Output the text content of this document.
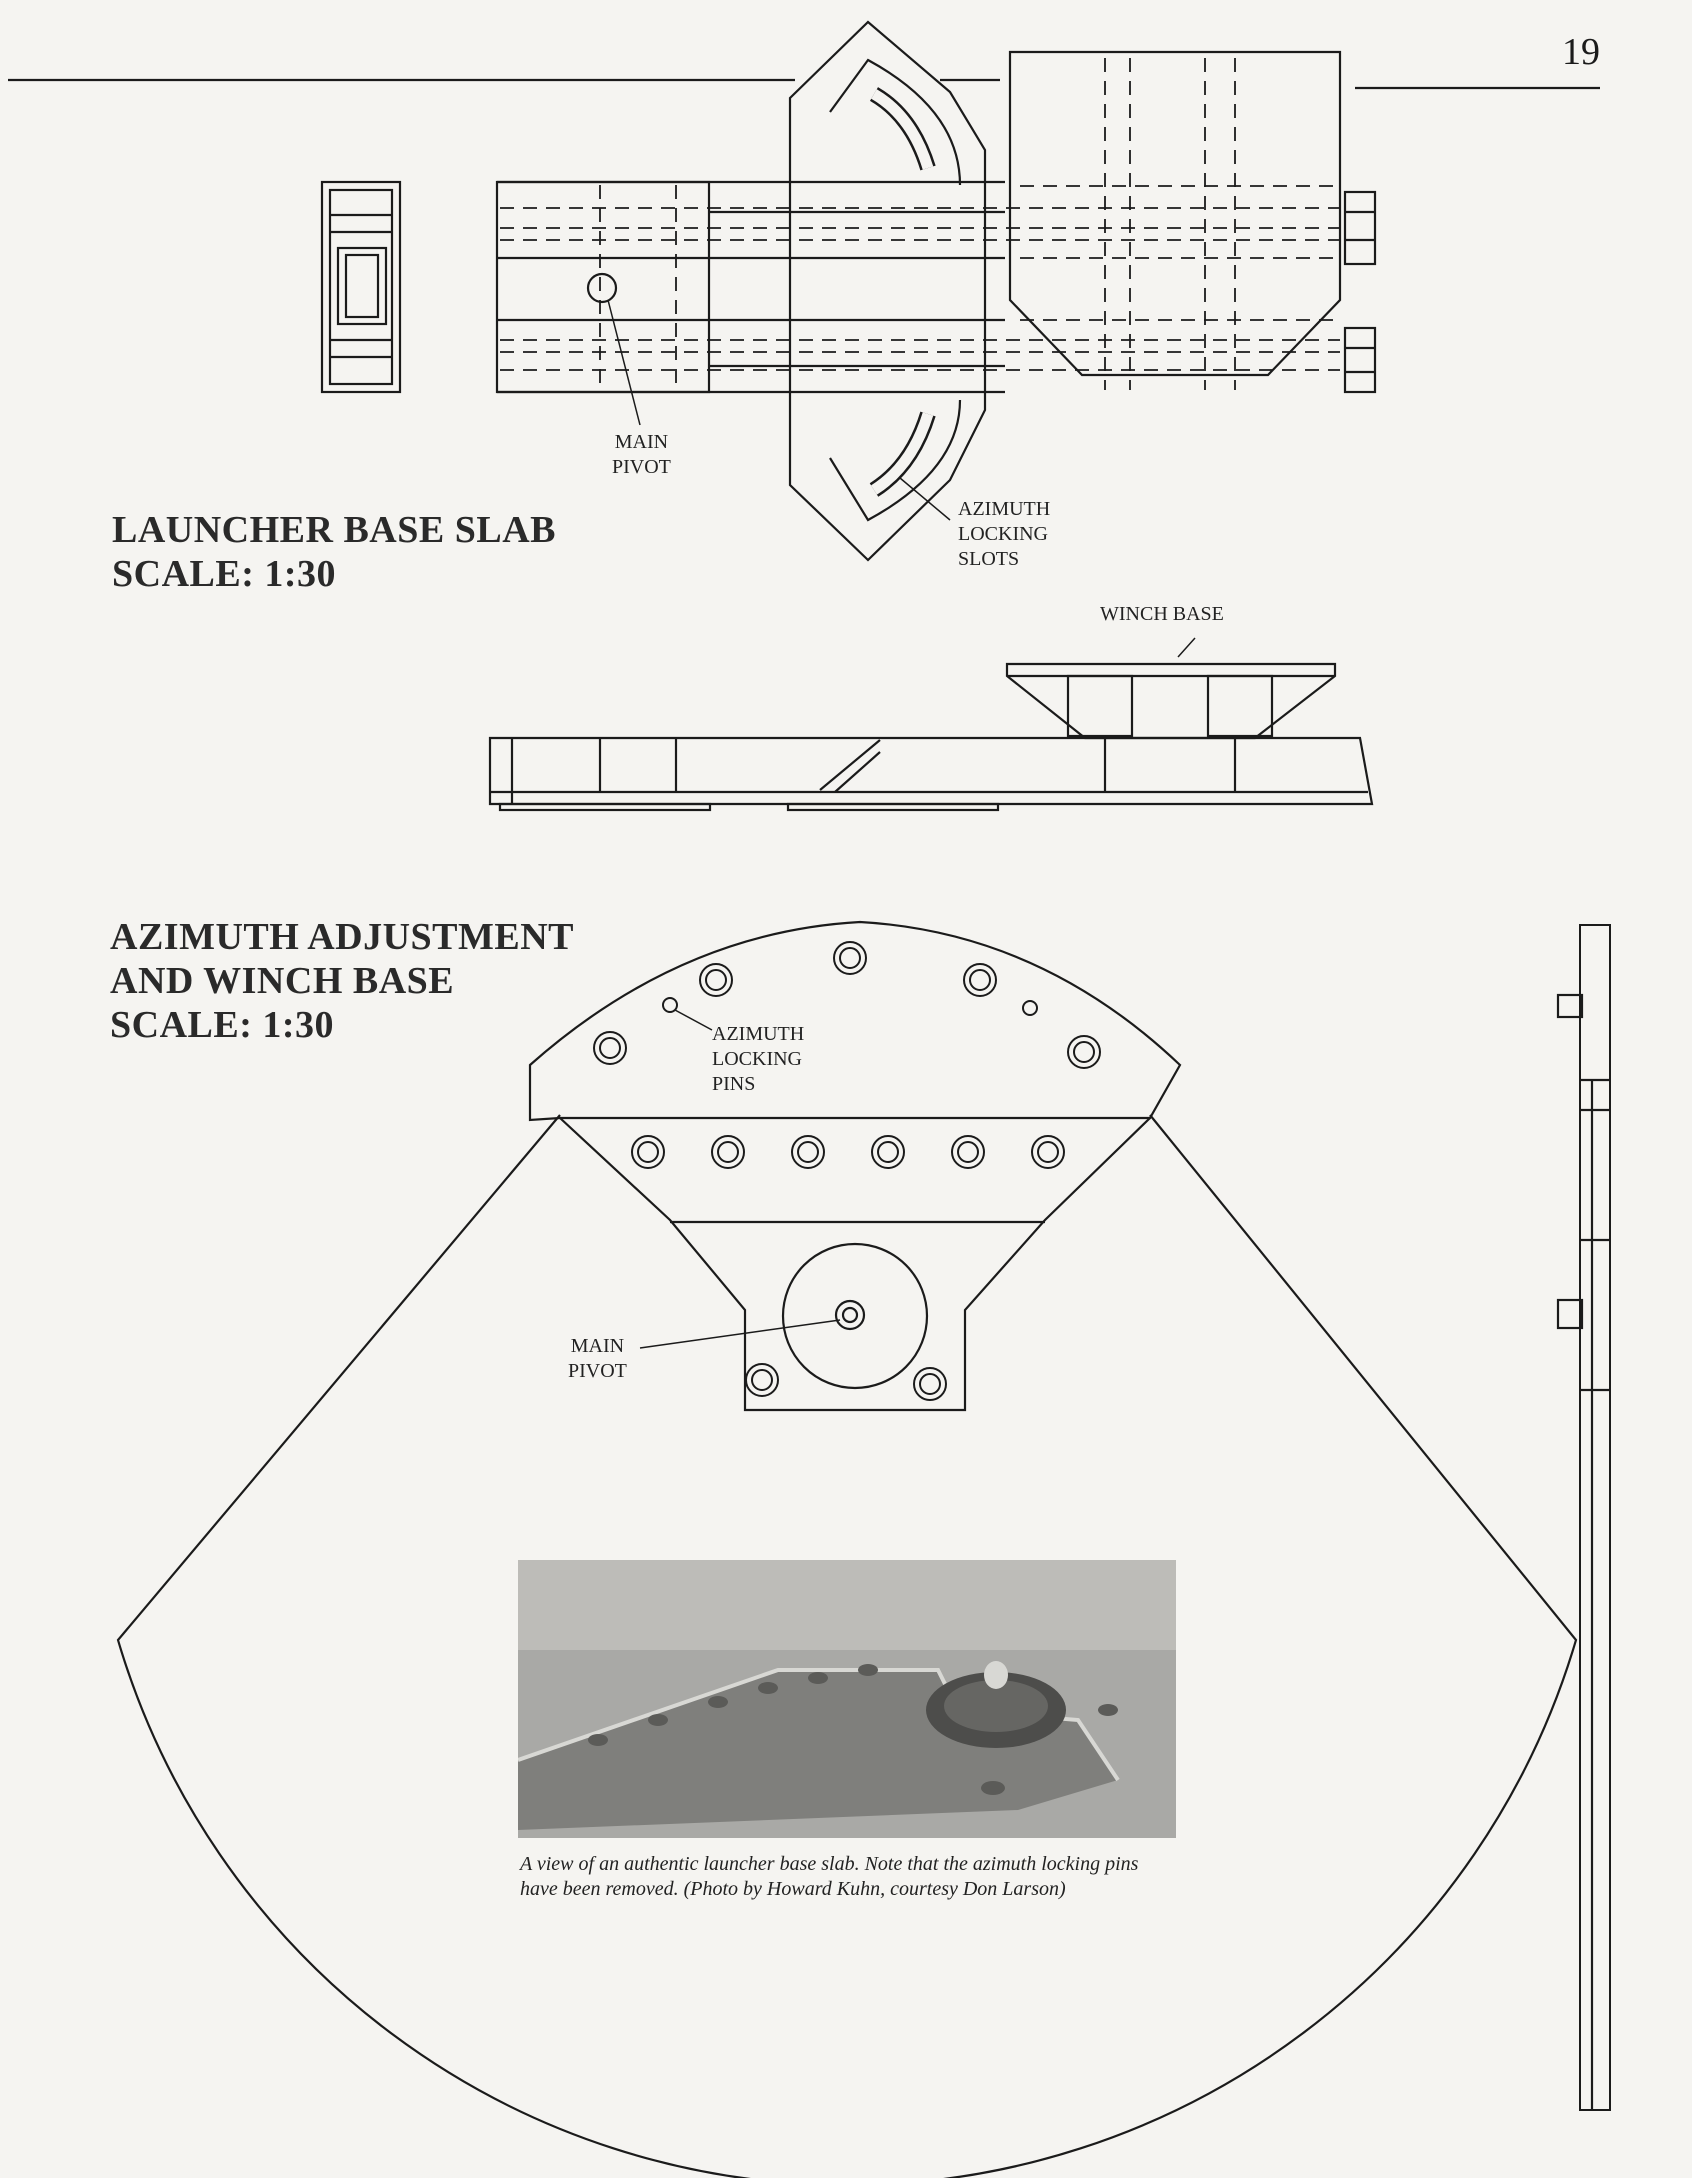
19
LAUNCHER BASE SLAB
SCALE: 1:30
AZIMUTH ADJUSTMENT
AND WINCH BASE
SCALE: 1:30
MAIN
PIVOT
AZIMUTH
LOCKING
SLOTS
WINCH BASE
AZIMUTH
LOCKING
PINS
MAIN
PIVOT
A view of an authentic launcher base slab. Note that the azimuth locking pins have been removed. (Photo by Howard Kuhn, courtesy Don Larson)
